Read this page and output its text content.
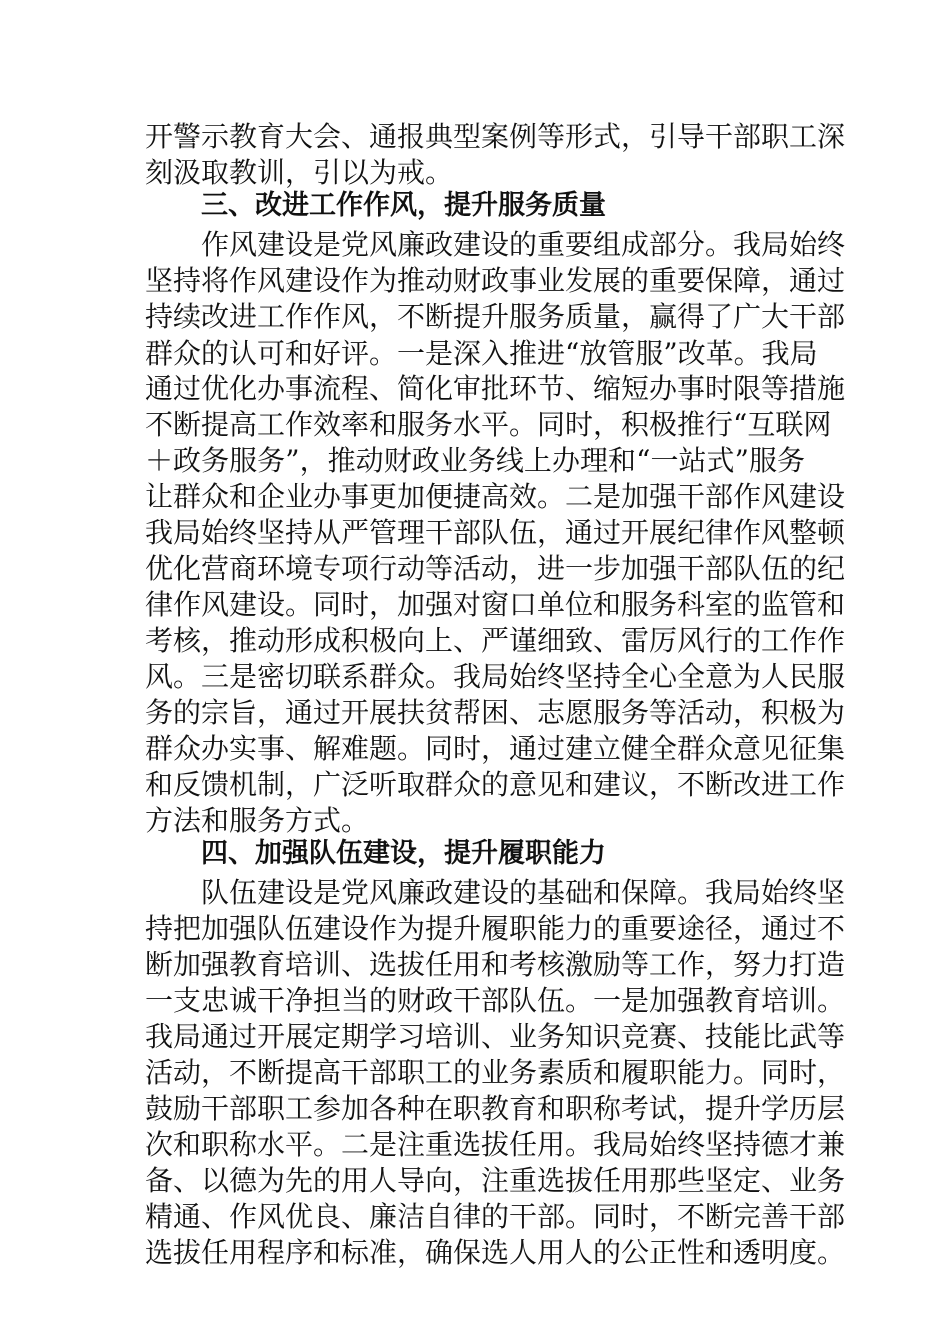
开警示教育大会、通报典型案例等形式，引导干部职工深
刻汲取教训，引以为戒。
三、改进工作作风，提升服务质量
作风建设是党风廉政建设的重要组成部分。我局始终
坚持将作风建设作为推动财政事业发展的重要保障，通过
持续改进工作作风，不断提升服务质量，赢得了广大干部
群众的认可和好评。一是深入推进“放管服”改革。我局
通过优化办事流程、简化审批环节、缩短办事时限等措施
不断提高工作效率和服务水平。同时，积极推行“互联网
＋政务服务”，推动财政业务线上办理和“一站式”服务
让群众和企业办事更加便捷高效。二是加强干部作风建设
我局始终坚持从严管理干部队伍，通过开展纪律作风整顿
优化营商环境专项行动等活动，进一步加强干部队伍的纪
律作风建设。同时，加强对窗口单位和服务科室的监管和
考核，推动形成积极向上、严谨细致、雷厉风行的工作作
风。三是密切联系群众。我局始终坚持全心全意为人民服
务的宗旨，通过开展扶贫帮困、志愿服务等活动，积极为
群众办实事、解难题。同时，通过建立健全群众意见征集
和反馈机制，广泛听取群众的意见和建议，不断改进工作
方法和服务方式。
四、加强队伍建设，提升履职能力
队伍建设是党风廉政建设的基础和保障。我局始终坚
持把加强队伍建设作为提升履职能力的重要途径，通过不
断加强教育培训、选拔任用和考核激励等工作，努力打造
一支忠诚干净担当的财政干部队伍。一是加强教育培训。
我局通过开展定期学习培训、业务知识竞赛、技能比武等
活动，不断提高干部职工的业务素质和履职能力。同时，
鼓励干部职工参加各种在职教育和职称考试，提升学历层
次和职称水平。二是注重选拔任用。我局始终坚持德才兼
备、以德为先的用人导向，注重选拔任用那些坚定、业务
精通、作风优良、廉洁自律的干部。同时，不断完善干部
选拔任用程序和标准，确保选人用人的公正性和透明度。
